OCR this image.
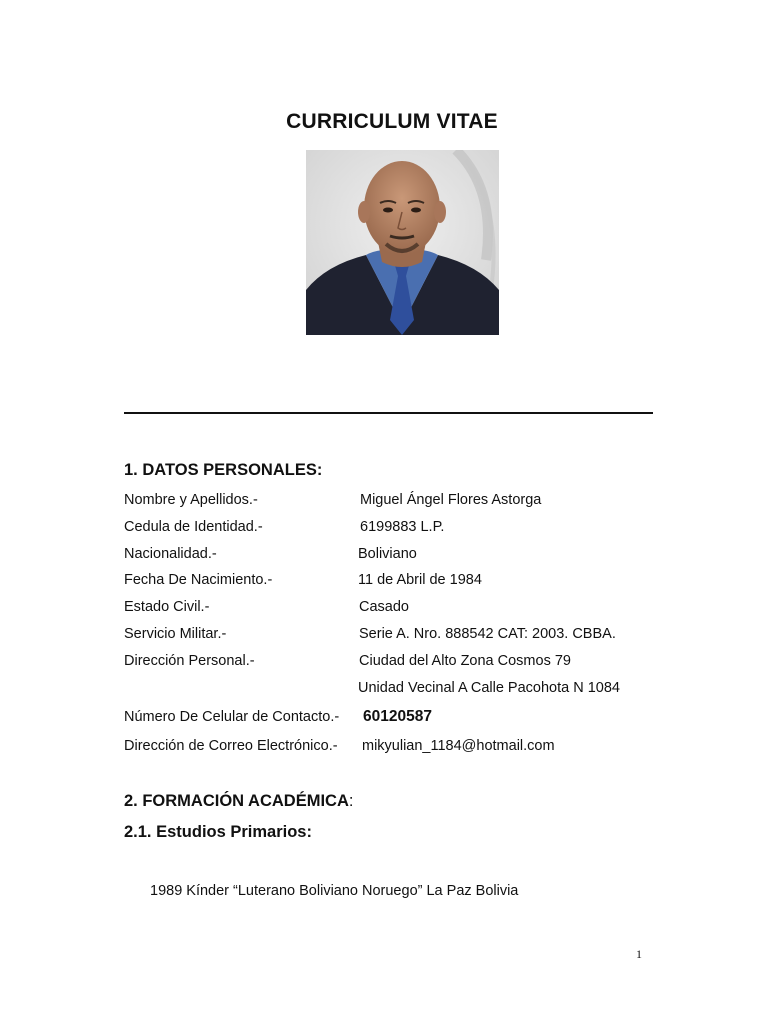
CURRICULUM VITAE
1. DATOS PERSONALES:
Nombre y Apellidos.-	Miguel Ángel Flores Astorga
Cedula de Identidad.-	6199883 L.P.
Nacionalidad.-	Boliviano
Fecha De Nacimiento.-	11 de Abril de 1984
Estado Civil.-	Casado
Servicio Militar.-	Serie A. Nro. 888542 CAT: 2003. CBBA.
Dirección Personal.-	Ciudad del Alto Zona Cosmos 79
Unidad Vecinal A Calle Pacohota N 1084
Número De Celular de Contacto.- 60120587
Dirección de Correo Electrónico.- mikyulian_1184@hotmail.com
2. FORMACIÓN ACADÉMICA:
2.1. Estudios Primarios:
1989 Kínder “Luterano Boliviano Noruego” La Paz Bolivia
1
